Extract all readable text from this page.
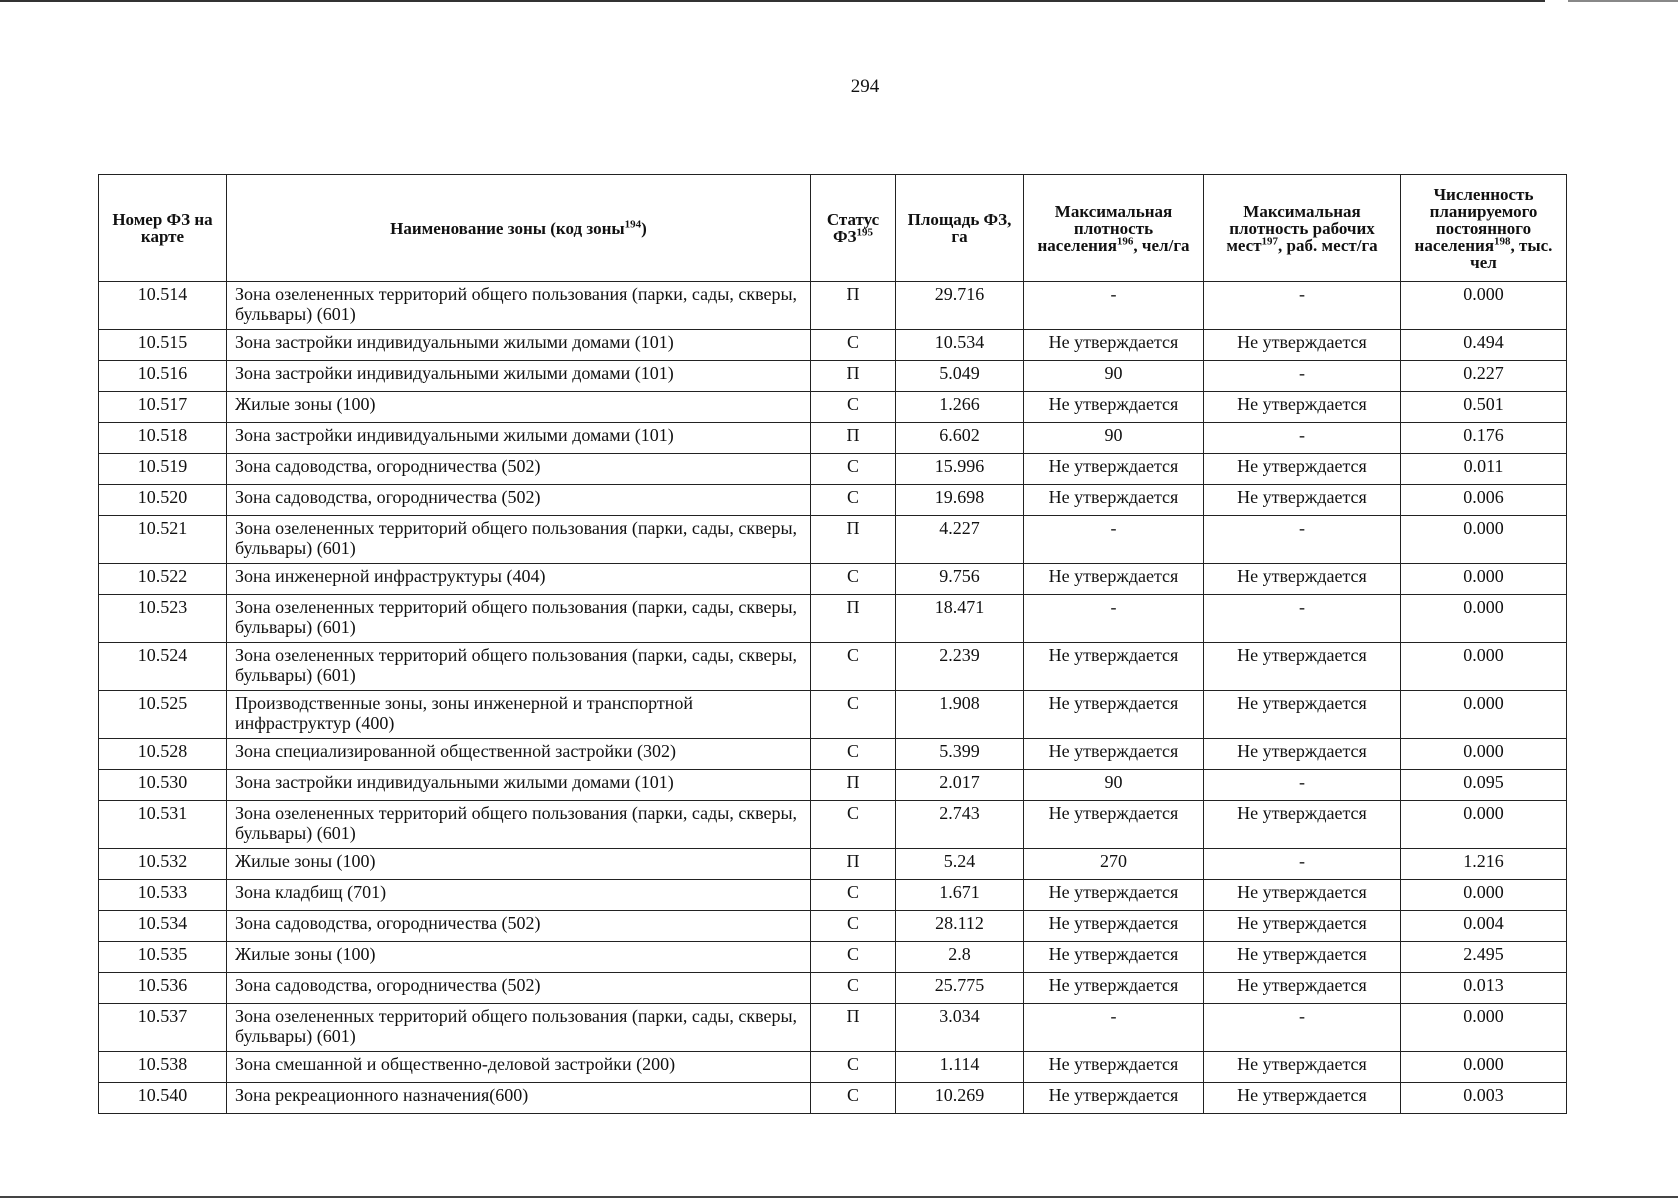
294
Номер ФЗ на карте	Наименование зоны (код зоны$^{194}$)	Статус ФЗ$^{195}$	Площадь ФЗ, га	Максимальная плотность населения$^{196}$, чел/га	Максимальная плотность рабочих мест$^{197}$, раб. мест/га	Численность планируемого постоянного населения$^{198}$, тыс. чел
10.514	Зона озелененных территорий общего пользования (парки, сады, скверы, бульвары) (601)	П	29.716	-	-	0.000
10.515	Зона застройки индивидуальными жилыми домами (101)	С	10.534	Не утверждается	Не утверждается	0.494
10.516	Зона застройки индивидуальными жилыми домами (101)	П	5.049	90	-	0.227
10.517	Жилые зоны (100)	С	1.266	Не утверждается	Не утверждается	0.501
10.518	Зона застройки индивидуальными жилыми домами (101)	П	6.602	90	-	0.176
10.519	Зона садоводства, огородничества (502)	С	15.996	Не утверждается	Не утверждается	0.011
10.520	Зона садоводства, огородничества (502)	С	19.698	Не утверждается	Не утверждается	0.006
10.521	Зона озелененных территорий общего пользования (парки, сады, скверы, бульвары) (601)	П	4.227	-	-	0.000
10.522	Зона инженерной инфраструктуры (404)	С	9.756	Не утверждается	Не утверждается	0.000
10.523	Зона озелененных территорий общего пользования (парки, сады, скверы, бульвары) (601)	П	18.471	-	-	0.000
10.524	Зона озелененных территорий общего пользования (парки, сады, скверы, бульвары) (601)	С	2.239	Не утверждается	Не утверждается	0.000
10.525	Производственные зоны, зоны инженерной и транспортной инфраструктур (400)	С	1.908	Не утверждается	Не утверждается	0.000
10.528	Зона специализированной общественной застройки (302)	С	5.399	Не утверждается	Не утверждается	0.000
10.530	Зона застройки индивидуальными жилыми домами (101)	П	2.017	90	-	0.095
10.531	Зона озелененных территорий общего пользования (парки, сады, скверы, бульвары) (601)	С	2.743	Не утверждается	Не утверждается	0.000
10.532	Жилые зоны (100)	П	5.24	270	-	1.216
10.533	Зона кладбищ (701)	С	1.671	Не утверждается	Не утверждается	0.000
10.534	Зона садоводства, огородничества (502)	С	28.112	Не утверждается	Не утверждается	0.004
10.535	Жилые зоны (100)	С	2.8	Не утверждается	Не утверждается	2.495
10.536	Зона садоводства, огородничества (502)	С	25.775	Не утверждается	Не утверждается	0.013
10.537	Зона озелененных территорий общего пользования (парки, сады, скверы, бульвары) (601)	П	3.034	-	-	0.000
10.538	Зона смешанной и общественно-деловой застройки (200)	С	1.114	Не утверждается	Не утверждается	0.000
10.540	Зона рекреационного назначения(600)	С	10.269	Не утверждается	Не утверждается	0.003
